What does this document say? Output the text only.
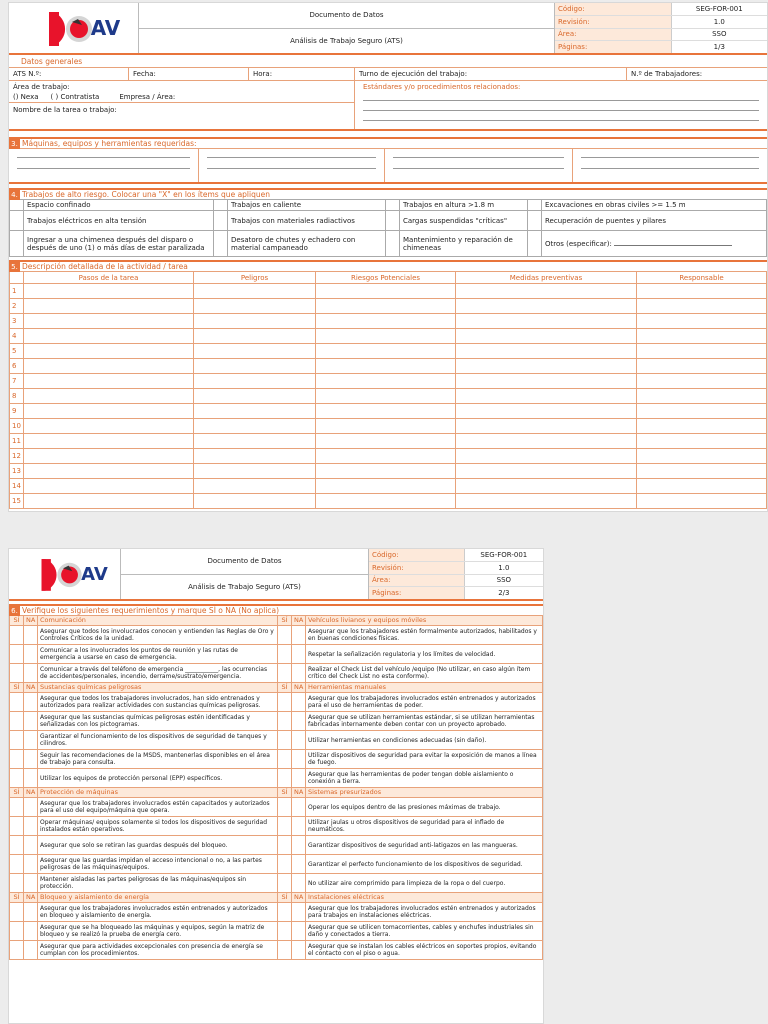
AV
Documento de Datos
Análisis de Trabajo Seguro (ATS)
Código:	SEG-FOR-001
Revisión:	1.0
Área:	SSO
Páginas:	1/3
Datos generales
ATS N.º:	Fecha:	Hora:	Turno de ejecución del trabajo:	N.º de Trabajadores:
Área de trabajo:
() Nexa ( ) Contratista	Empresa / Área:
Nombre de la tarea o trabajo:
Estándares y/o procedimientos relacionados:
3. Máquinas, equipos y herramientas requeridas:
4. Trabajos de alto riesgo. Colocar una "X" en los ítems que apliquen
	Espacio confinado		Trabajos en caliente		Trabajos en altura >1.8 m		Excavaciones en obras civiles >= 1.5 m
	Trabajos eléctricos en alta tensión		Trabajos con materiales radiactivos		Cargas suspendidas "críticas"		Recuperación de puentes y pilares
	Ingresar a una chimenea después del disparo o después de uno (1) o más días de estar paralizada		Desatoro de chutes y echadero con material campaneado		Mantenimiento y reparación de chimeneas		Otros (especificar):
5. Descripción detallada de la actividad / tarea
	Pasos de la tarea	Peligros	Riesgos Potenciales	Medidas preventivas	Responsable
1					
2					
3					
4					
5					
6					
7					
8					
9					
10					
11					
12					
13					
14					
15					
AV
Documento de Datos
Análisis de Trabajo Seguro (ATS)
Código:	SEG-FOR-001
Revisión:	1.0
Área:	SSO
Páginas:	2/3
6. Verifique los siguientes requerimientos y marque SÍ o NA (No aplica)
SÍ	NA	Comunicación	SÍ	NA	Vehículos livianos y equipos móviles
		Asegurar que todos los involucrados conocen y entienden las Reglas de Oro y Controles Críticos de la unidad.			Asegurar que los trabajadores estén formalmente autorizados, habilitados y en buenas condiciones físicas.
		Comunicar a los involucrados los puntos de reunión y las rutas de emergencia a usarse en caso de emergencia.			Respetar la señalización regulatoria y los límites de velocidad.
		Comunicar a través del teléfono de emergencia ___________, las ocurrencias de accidentes/personales, incendio, derrame/sustrato/emergencia.			Realizar el Check List del vehículo /equipo (No utilizar, en caso algún ítem crítico del Check List no esta conforme).
SÍ	NA	Sustancias químicas peligrosas	SÍ	NA	Herramientas manuales
		Asegurar que todos los trabajadores involucrados, han sido entrenados y autorizados para realizar actividades con sustancias químicas peligrosas.			Asegurar que los trabajadores involucrados estén entrenados y autorizados para el uso de herramientas de poder.
		Asegurar que las sustancias químicas peligrosas estén identificadas y señalizadas con los pictogramas.			Asegurar que se utilizan herramientas estándar, si se utilizan herramientas fabricadas internamente deben contar con un proyecto aprobado.
		Garantizar el funcionamiento de los dispositivos de seguridad de tanques y cilindros.			Utilizar herramientas en condiciones adecuadas (sin daño).
		Seguir las recomendaciones de la MSDS, mantenerlas disponibles en el área de trabajo para consulta.			Utilizar dispositivos de seguridad para evitar la exposición de manos a línea de fuego.
		Utilizar los equipos de protección personal (EPP) específicos.			Asegurar que las herramientas de poder tengan doble aislamiento o conexión a tierra.
SÍ	NA	Protección de máquinas	SÍ	NA	Sistemas presurizados
		Asegurar que los trabajadores involucrados estén capacitados y autorizados para el uso del equipo/máquina que opera.			Operar los equipos dentro de las presiones máximas de trabajo.
		Operar máquinas/ equipos solamente si todos los dispositivos de seguridad instalados están operativos.			Utilizar jaulas u otros dispositivos de seguridad para el inflado de neumáticos.
		Asegurar que solo se retiran las guardas después del bloqueo.			Garantizar dispositivos de seguridad anti-latigazos en las mangueras.
		Asegurar que las guardas impidan el acceso intencional o no, a las partes peligrosas de las máquinas/equipos.			Garantizar el perfecto funcionamiento de los dispositivos de seguridad.
		Mantener aisladas las partes peligrosas de las máquinas/equipos sin protección.			No utilizar aire comprimido para limpieza de la ropa o del cuerpo.
SÍ	NA	Bloqueo y aislamiento de energía	SÍ	NA	Instalaciones eléctricas
		Asegurar que los trabajadores involucrados estén entrenados y autorizados en bloqueo y aislamiento de energía.			Asegurar que los trabajadores involucrados estén entrenados y autorizados para trabajos en instalaciones eléctricas.
		Asegurar que se ha bloqueado las máquinas y equipos, según la matriz de bloqueo y se realizó la prueba de energía cero.			Asegurar que se utilicen tomacorrientes, cables y enchufes industriales sin daño y conectados a tierra.
		Asegurar que para actividades excepcionales con presencia de energía se cumplan con los procedimientos.			Asegurar que se instalan los cables eléctricos en soportes propios, evitando el contacto con el piso o agua.
